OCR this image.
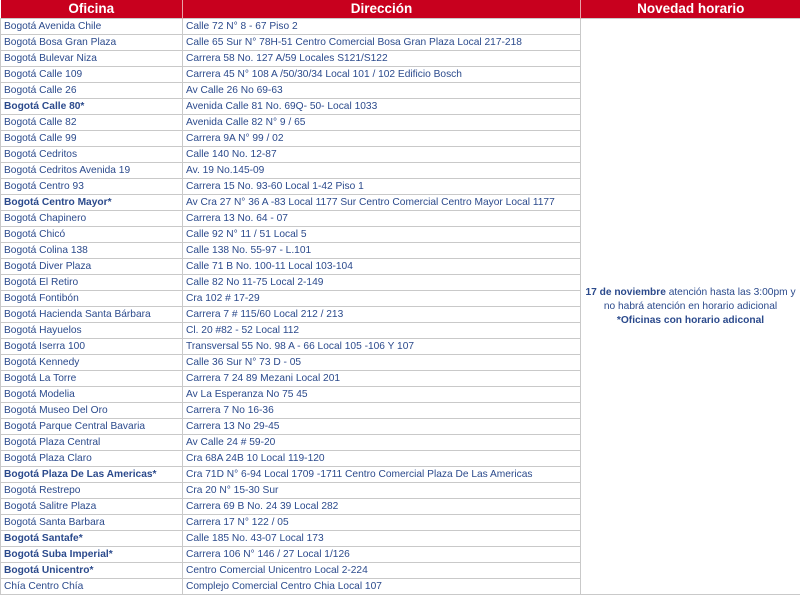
Oficina	Dirección	Novedad horario
Bogotá Avenida Chile	Calle 72 N° 8 - 67 Piso 2	17 de noviembre atención hasta las 3:00pm y
no habrá atención en horario adicional
*Oficinas con horario adiconal
Bogotá Bosa Gran Plaza	Calle 65 Sur N° 78H-51 Centro Comercial Bosa Gran Plaza Local 217-218	
Bogotá Bulevar Niza	Carrera 58 No. 127 A/59 Locales S121/S122	
Bogotá Calle 109	Carrera 45 N° 108 A /50/30/34 Local 101 / 102 Edificio Bosch	
Bogotá Calle 26	Av Calle 26 No 69-63	
Bogotá Calle 80*	Avenida Calle 81 No. 69Q- 50- Local 1033	
Bogotá Calle 82	Avenida Calle 82 N° 9 / 65	
Bogotá Calle 99	Carrera 9A N° 99 / 02	
Bogotá Cedritos	Calle 140 No. 12-87	
Bogotá Cedritos Avenida 19	Av. 19 No.145-09	
Bogotá Centro 93	Carrera 15 No. 93-60 Local 1-42 Piso 1	
Bogotá Centro Mayor*	Av Cra 27 N° 36 A -83 Local 1177 Sur Centro Comercial Centro Mayor Local 1177	
Bogotá Chapinero	Carrera 13 No. 64 - 07	
Bogotá Chicó	Calle 92 N° 11 / 51 Local 5	
Bogotá Colina 138	Calle 138 No. 55-97 - L.101	
Bogotá Diver Plaza	Calle 71 B No. 100-11 Local 103-104	
Bogotá El Retiro	Calle 82 No 11-75 Local 2-149	
Bogotá Fontibón	Cra 102 # 17-29	
Bogotá Hacienda Santa Bárbara	Carrera 7 # 115/60 Local 212 / 213	
Bogotá Hayuelos	Cl. 20 #82 - 52 Local 112	
Bogotá Iserra 100	Transversal 55 No. 98 A - 66 Local 105 -106 Y 107	
Bogotá Kennedy	Calle 36 Sur N° 73 D - 05	
Bogotá La Torre	Carrera 7 24 89 Mezani Local 201	
Bogotá Modelia	Av La Esperanza No 75 45	
Bogotá Museo Del Oro	Carrera 7 No 16-36	
Bogotá Parque Central Bavaria	Carrera 13 No 29-45	
Bogotá Plaza Central	Av Calle 24 # 59-20	
Bogotá Plaza Claro	Cra 68A 24B 10 Local 119-120	
Bogotá Plaza De Las Americas*	Cra 71D N° 6-94 Local 1709 -1711 Centro Comercial Plaza De Las Americas	
Bogotá Restrepo	Cra 20 N° 15-30 Sur	
Bogotá Salitre Plaza	Carrera 69 B No. 24 39 Local 282	
Bogotá Santa Barbara	Carrera 17 N° 122 / 05	
Bogotá Santafe*	Calle 185 No. 43-07 Local 173	
Bogotá Suba Imperial*	Carrera 106 N° 146 / 27 Local 1/126	
Bogotá Unicentro*	Centro Comercial Unicentro Local 2-224	
Chía Centro Chía	Complejo Comercial Centro Chia Local 107	
